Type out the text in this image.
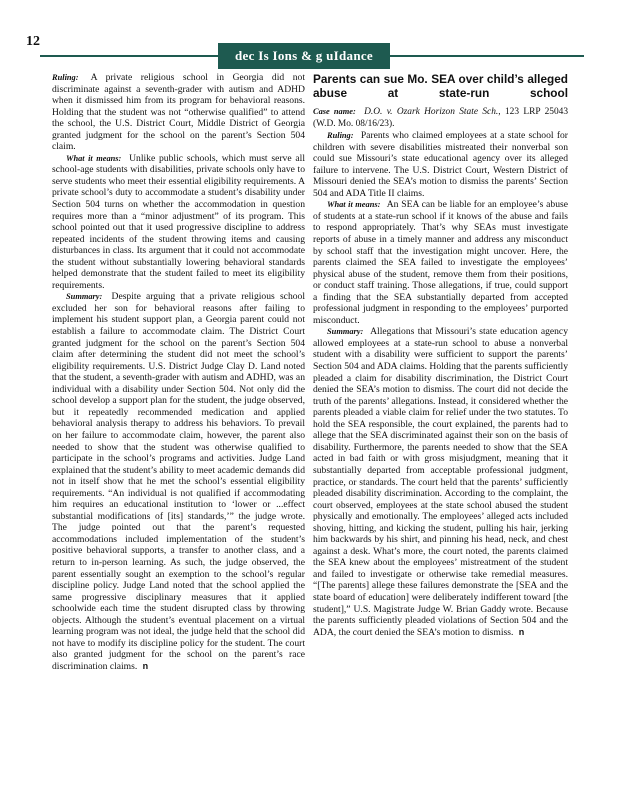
12
dec Is Ions & g uIdance

Ruling: A private religious school in Georgia did not discriminate against a seventh-grader with autism and ADHD when it dismissed him from its program for behavioral reasons. Holding that the student was not “otherwise qualified” to attend the school, the U.S. District Court, Middle District of Georgia granted judgment for the school on the parent’s Section 504 claim.

What it means: Unlike public schools, which must serve all school-age students with disabilities, private schools only have to serve students who meet their essential eligibility requirements. A private school’s duty to accommodate a student’s disability under Section 504 turns on whether the accommodation in question requires more than a “minor adjustment” of its program. This school pointed out that it used progressive discipline to address repeated incidents of the student throwing items and causing disturbances in class. Its argument that it could not accommodate the student without substantially lowering behavioral standards helped demonstrate that the student failed to meet its eligibility requirements.

Summary: Despite arguing that a private religious school excluded her son for behavioral reasons after failing to implement his student support plan, a Georgia parent could not establish a failure to accommodate claim. The District Court granted judgment for the school on the parent’s Section 504 claim after determining the student did not meet the school’s eligibility requirements. U.S. District Judge Clay D. Land noted that the student, a seventh-grader with autism and ADHD, was an individual with a disability under Section 504. Not only did the school develop a support plan for the student, the judge observed, but it repeatedly recommended medication and applied behavioral analysis therapy to address his behaviors. To prevail on her failure to accommodate claim, however, the parent also needed to show that the student was otherwise qualified to participate in the school’s programs and activities. Judge Land explained that the student’s ability to meet academic demands did not in itself show that he met the school’s essential eligibility requirements. “An individual is not qualified if accommodating him requires an educational institution to ‘lower or ...effect substantial modifications of [its] standards,’” the judge wrote. The judge pointed out that the parent’s requested accommodations included implementation of the student’s positive behavioral supports, a transfer to another class, and a return to in-person learning. As such, the judge observed, the parent essentially sought an exemption to the school’s regular discipline policy. Judge Land noted that the school applied the same progressive disciplinary measures that it applied schoolwide each time the student disrupted class by throwing objects. Although the student’s eventual placement on a virtual learning program was not ideal, the judge held that the school did not have to modify its discipline policy for the student. The court also granted judgment for the school on the parent’s race discrimination claims. n

Parents can sue Mo. SEA over child’s alleged abuse at state-run school

Case name: D.O. v. Ozark Horizon State Sch., 123 LRP 25043 (W.D. Mo. 08/16/23).

Ruling: Parents who claimed employees at a state school for children with severe disabilities mistreated their nonverbal son could sue Missouri’s state educational agency over its alleged failure to intervene. The U.S. District Court, Western District of Missouri denied the SEA’s motion to dismiss the parents’ Section 504 and ADA Title II claims.

What it means: An SEA can be liable for an employee’s abuse of students at a state-run school if it knows of the abuse and fails to respond appropriately. That’s why SEAs must investigate reports of abuse in a timely manner and address any misconduct by school staff that the investigation might uncover. Here, the parents claimed the SEA failed to investigate the employees’ physical abuse of the student, remove them from their positions, or conduct staff training. Those allegations, if true, could support a finding that the SEA substantially departed from accepted professional judgment in responding to the employees’ purported misconduct.

Summary: Allegations that Missouri’s state education agency allowed employees at a state-run school to abuse a nonverbal student with a disability were sufficient to support the parents’ Section 504 and ADA claims. Holding that the parents sufficiently pleaded a claim for disability discrimination, the District Court denied the SEA’s motion to dismiss. The court did not decide the truth of the parents’ allegations. Instead, it considered whether the parents pleaded a viable claim for relief under the two statutes. To hold the SEA responsible, the court explained, the parents had to allege that the SEA discriminated against their son on the basis of disability. Furthermore, the parents needed to show that the SEA acted in bad faith or with gross misjudgment, meaning that it substantially departed from acceptable professional judgment, practice, or standards. The court held that the parents’ sufficiently pleaded disability discrimination. According to the complaint, the court observed, employees at the state school abused the student physically and emotionally. The employees’ alleged acts included shoving, hitting, and kicking the student, pulling his hair, jerking him backwards by his shirt, and pinning his head, neck, and chest against a desk. What’s more, the court noted, the parents claimed the SEA knew about the employees’ mistreatment of the student and failed to investigate or otherwise take remedial measures. “[The parents] allege these failures demonstrate the [SEA and the state board of education] were deliberately indifferent toward [the student],” U.S. Magistrate Judge W. Brian Gaddy wrote. Because the parents sufficiently pleaded violations of Section 504 and the ADA, the court denied the SEA’s motion to dismiss. n
